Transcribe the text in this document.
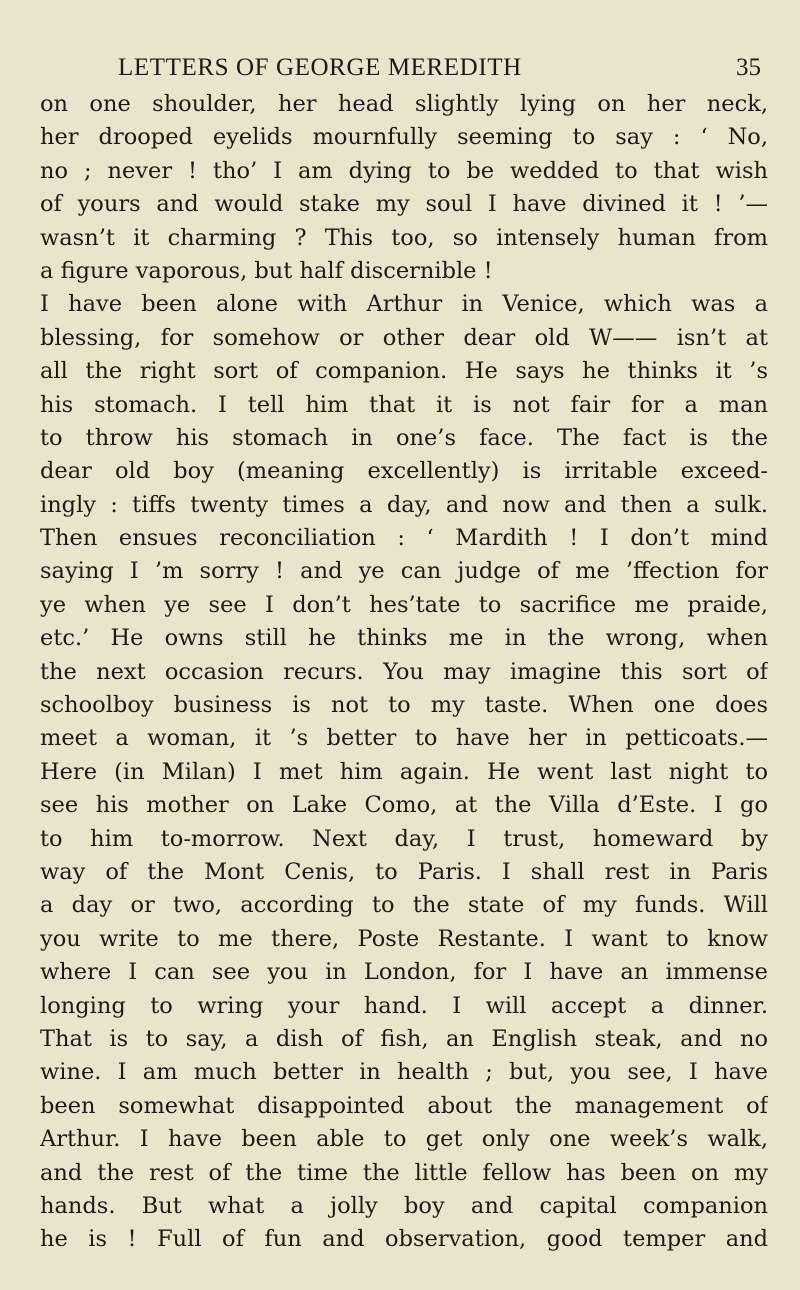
LETTERS OF GEORGE MEREDITH	35
on one shoulder, her head slightly lying on her neck,
her drooped eyelids mournfully seeming to say : ‘ No,
no ; never ! tho’ I am dying to be wedded to that wish
of yours and would stake my soul I have divined it ! ’—
wasn’t it charming ? This too, so intensely human from
a figure vaporous, but half discernible !
I have been alone with Arthur in Venice, which was a
blessing, for somehow or other dear old W—— isn’t at
all the right sort of companion. He says he thinks it ’s
his stomach. I tell him that it is not fair for a man
to throw his stomach in one’s face. The fact is the
dear old boy (meaning excellently) is irritable exceed-
ingly : tiffs twenty times a day, and now and then a sulk.
Then ensues reconciliation : ‘ Mardith ! I don’t mind
saying I ’m sorry ! and ye can judge of me ’ffection for
ye when ye see I don’t hes’tate to sacrifice me praide,
etc.’ He owns still he thinks me in the wrong, when
the next occasion recurs. You may imagine this sort of
schoolboy business is not to my taste. When one does
meet a woman, it ’s better to have her in petticoats.—
Here (in Milan) I met him again. He went last night to
see his mother on Lake Como, at the Villa d’Este. I go
to him to-morrow. Next day, I trust, homeward by
way of the Mont Cenis, to Paris. I shall rest in Paris
a day or two, according to the state of my funds. Will
you write to me there, Poste Restante. I want to know
where I can see you in London, for I have an immense
longing to wring your hand. I will accept a dinner.
That is to say, a dish of fish, an English steak, and no
wine. I am much better in health ; but, you see, I have
been somewhat disappointed about the management of
Arthur. I have been able to get only one week’s walk,
and the rest of the time the little fellow has been on my
hands. But what a jolly boy and capital companion
he is ! Full of fun and observation, good temper and
